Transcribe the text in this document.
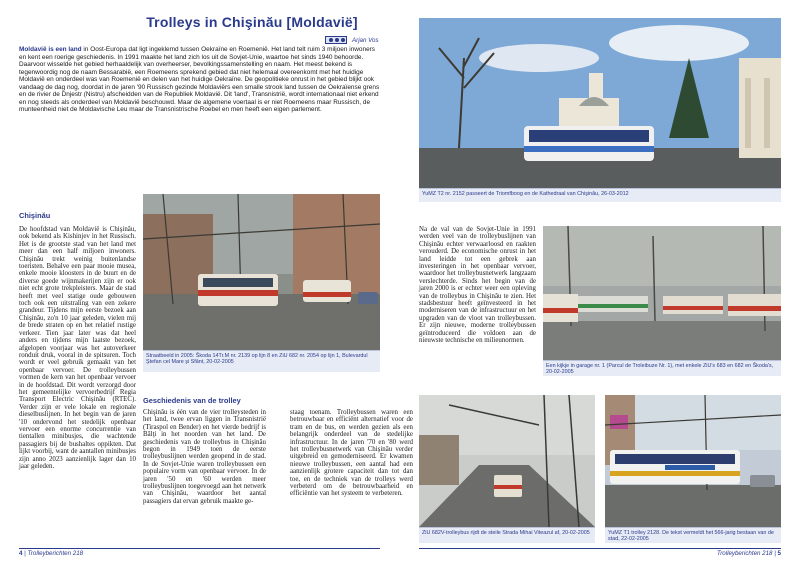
Trolleys in Chişinău [Moldavië]
Arjan Vos
Moldavië is een land in Oost-Europa dat ligt ingeklemd tussen Oekraïne en Roemenië. Het land telt ruim 3 miljoen inwoners en kent een roerige geschiedenis. In 1991 maakte het land zich los uit de Sovjet-Unie, waartoe het sinds 1940 behoorde. Daarvoor wisselde het gebied herhaaldelijk van overheerser, bevolkingssamenstelling en naam. Het meest bekend is tegenwoordig nog de naam Bessarabië, een Roemeens sprekend gebied dat niet helemaal overeenkomt met het huidige Moldavië en onderdeel was van Roemenië en delen van het huidige Oekraïne. De geopolitieke onrust in het gebied blijkt ook vandaag de dag nog, doordat in de jaren '90 Russisch gezinde Moldaviërs een smalle strook land tussen de Oekraïense grens en de rivier de Dnjestr (Nistru) afscheidden van de Republiek Moldavië. Dit 'land', Transnistrië, wordt internationaal niet erkend en nog steeds als onderdeel van Moldavië beschouwd. Maar de algemene voertaal is er niet Roemeens maar Russisch, de munteenheid niet de Moldavische Leu maar de Transnistrische Roebel en men heeft een eigen parlement.
Chişinău
De hoofdstad van Moldavië is Chişinău, ook bekend als Kishinjev in het Russisch. Het is de grootste stad van het land met meer dan een half miljoen inwoners. Chişinău trekt weinig buitenlandse toeristen. Behalve een paar mooie musea, enkele mooie kloosters in de buurt en de diverse goede wijnmakerijen zijn er ook niet echt grote trekpleisters. Maar de stad heeft met veel statige oude gebouwen toch ook een uitstraling van een zekere grandeur. Tijdens mijn eerste bezoek aan Chişinău, zo'n 10 jaar geleden, vielen mij de brede straten op en het relatief rustige verkeer. Tien jaar later was dat heel anders en tijdens mijn laatste bezoek, afgelopen voorjaar was het autoverkeer ronduit druk, vooral in de spitsuren. Toch wordt er veel gebruik gemaakt van het openbaar vervoer. De trolleybussen vormen de kern van het openbaar vervoer in de hoofdstad. Dit wordt verzorgd door het gemeentelijke vervoerbedrijf Regia Transport Electric Chişinău (RTEC). Verder zijn er vele lokale en regionale dieselbuslijnen. In het begin van de jaren '10 ondervond het stedelijk openbaar vervoer een enorme concurrentie van tientallen minibusjes, die wachtende passagiers bij de bushaltes oppikten. Dat lijkt voorbij, want de aantallen minibusjes zijn anno 2023 aanzienlijk lager dan 10 jaar geleden.
Straatbeeld in 2005: Škoda 14Tr.M nr. 2139 op lijn 8 en ZiU 682 nr. 2054 op lijn 1, Bulevardul Ştefan cel Mare şi Sfânt, 20-02-2005
Geschiedenis van de trolley
Chişinău is één van de vier trolleysteden in het land, twee ervan liggen in Transnistrië (Tiraspol en Bender) en het vierde bedrijf is Bălţi in het noorden van het land. De geschiedenis van de trolleybus in Chişinău begon in 1949 toen de eerste trolleybuslijnen werden geopend in de stad. In de Sovjet-Unie waren trolleybussen een populaire vorm van openbaar vervoer. In de jaren '50 en '60 werden meer trolleybuslijnen toegevoegd aan het netwerk van Chişinău, waardoor het aantal passagiers dat ervan gebruik maakte ge-
staag toenam. Trolleybussen waren een betrouwbaar en efficiënt alternatief voor de tram en de bus, en werden gezien als een belangrijk onderdeel van de stedelijke infrastructuur. In de jaren '70 en '80 werd het trolleybusnetwerk van Chişinău verder uitgebreid en gemoderniseerd. Er kwamen nieuwe trolleybussen, een aantal had een aanzienlijk grotere capaciteit dan tot dan toe, en de techniek van de trolleys werd verbeterd om de betrouwbaarheid en efficiëntie van het systeem te verbeteren.
4 | Trolleyberichten 218
YuMZ T2 nr. 2152 passeert de Triomfboog en de Kathedraal van Chişinău, 26-03-2012
Na de val van de Sovjet-Unie in 1991 werden veel van de trolleybuslijnen van Chişinău echter verwaarloosd en raakten verouderd. De economische onrust in het land leidde tot een gebrek aan investeringen in het openbaar vervoer, waardoor het trolleybusnetwerk langzaam verslechterde. Sinds het begin van de jaren 2000 is er echter weer een opleving van de trolleybus in Chişinău te zien. Het stadsbestuur heeft geïnvesteerd in het moderniseren van de infrastructuur en het upgraden van de vloot van trolleybussen. Er zijn nieuwe, moderne trolleybussen geïntroduceerd die voldoen aan de nieuwste technische en milieunormen.
Een kijkje in garage nr. 1 (Parcul de Troleibuze Nr. 1), met enkele ZiU's 683 en 682 en Škoda's, 20-02-2005
ZiU 682V-trolleybus rijdt de steile Strada Mihai Viteazul af, 20-02-2005	YuMZ T1 trolley 2128. De tekst vermeldt het 566-jarig bestaan van de stad, 22-02-2005
Trolleyberichten 218 | 5
